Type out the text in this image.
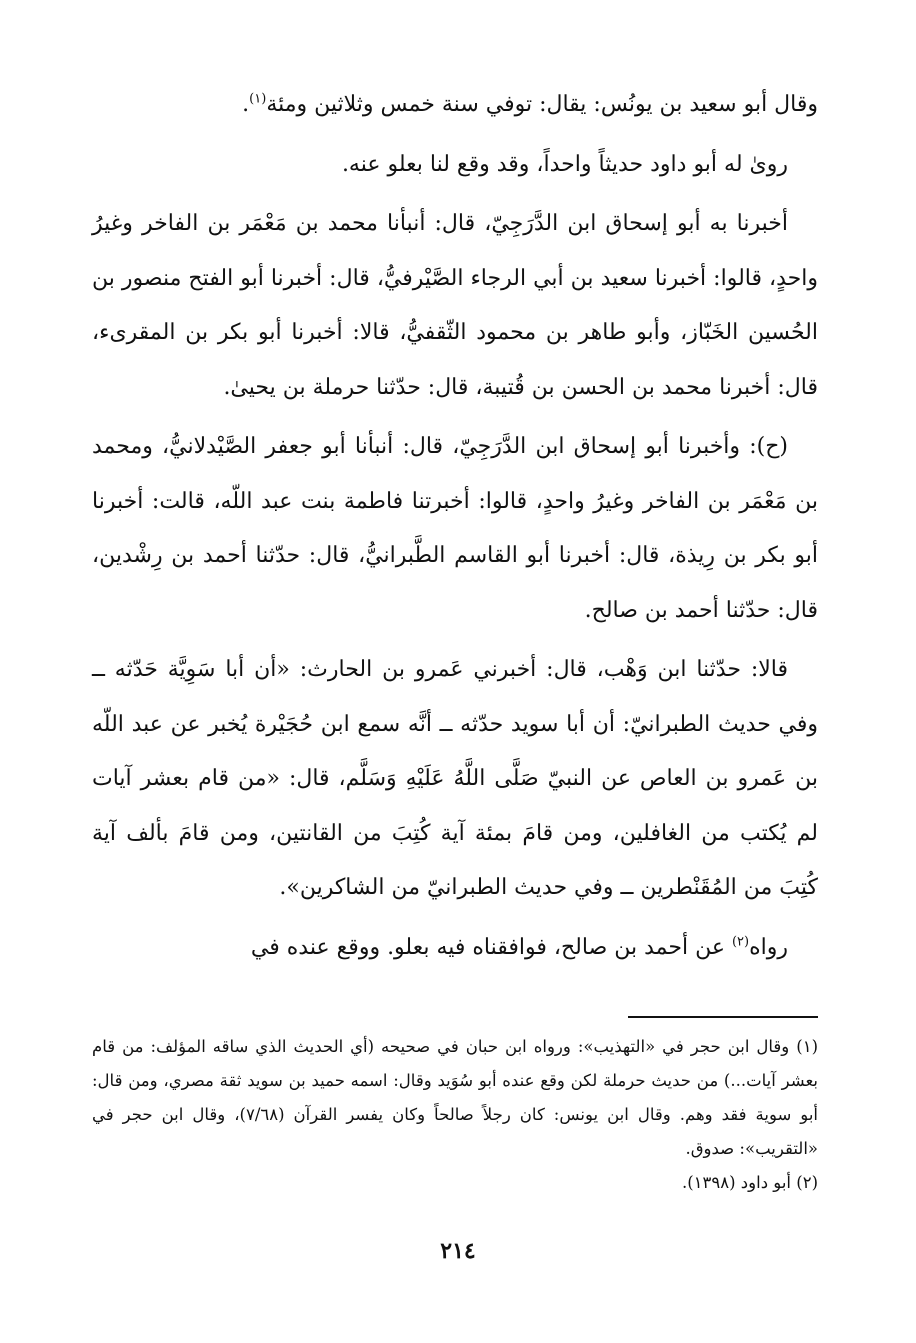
وقال أبو سعيد بن يونُس: يقال: توفي سنة خمس وثلاثين ومئة$^{(١)}$.

روىٰ له أبو داود حديثاً واحداً، وقد وقع لنا بعلو عنه.

أخبرنا به أبو إسحاق ابن الدَّرَجِيّ، قال: أنبأنا محمد بن مَعْمَر بن الفاخر وغيرُ واحدٍ، قالوا: أخبرنا سعيد بن أبي الرجاء الصَّيْرفيُّ، قال: أخبرنا أبو الفتح منصور بن الحُسين الخَبّاز، وأبو طاهر بن محمود الثّقفيُّ، قالا: أخبرنا أبو بكر بن المقرىء، قال: أخبرنا محمد بن الحسن بن قُتيبة، قال: حدّثنا حرملة بن يحيىٰ.

(ح): وأخبرنا أبو إسحاق ابن الدَّرَجِيّ، قال: أنبأنا أبو جعفر الصَّيْدلانيُّ، ومحمد بن مَعْمَر بن الفاخر وغيرُ واحدٍ، قالوا: أخبرتنا فاطمة بنت عبد اللّه، قالت: أخبرنا أبو بكر بن رِيذة، قال: أخبرنا أبو القاسم الطَّبرانيُّ، قال: حدّثنا أحمد بن رِشْدين، قال: حدّثنا أحمد بن صالح.

قالا: حدّثنا ابن وَهْب، قال: أخبرني عَمرو بن الحارث: «أن أبا سَوِيَّة حَدّثه ــ وفي حديث الطبرانيّ: أن أبا سويد حدّثه ــ أنَّه سمع ابن حُجَيْرة يُخبر عن عبد اللّه بن عَمرو بن العاص عن النبيّ صَلَّى اللَّهُ عَلَيْهِ وَسَلَّم، قال: «من قام بعشر آيات لم يُكتب من الغافلين، ومن قامَ بمئة آية كُتِبَ من القانتين، ومن قامَ بألف آية كُتِبَ من المُقَنْطرين ــ وفي حديث الطبرانيّ من الشاكرين».

رواه$^{(٢)}$ عن أحمد بن صالح، فوافقناه فيه بعلو. ووقع عنده في

(١) وقال ابن حجر في «التهذيب»: ورواه ابن حبان في صحيحه (أي الحديث الذي ساقه المؤلف: من قام بعشر آيات...) من حديث حرملة لكن وقع عنده أبو سُوَيد وقال: اسمه حميد بن سويد ثقة مصري، ومن قال: أبو سوية فقد وهم. وقال ابن يونس: كان رجلاً صالحاً وكان يفسر القرآن (٧/٦٨)، وقال ابن حجر في «التقريب»: صدوق.

(٢) أبو داود (١٣٩٨).

٢١٤
